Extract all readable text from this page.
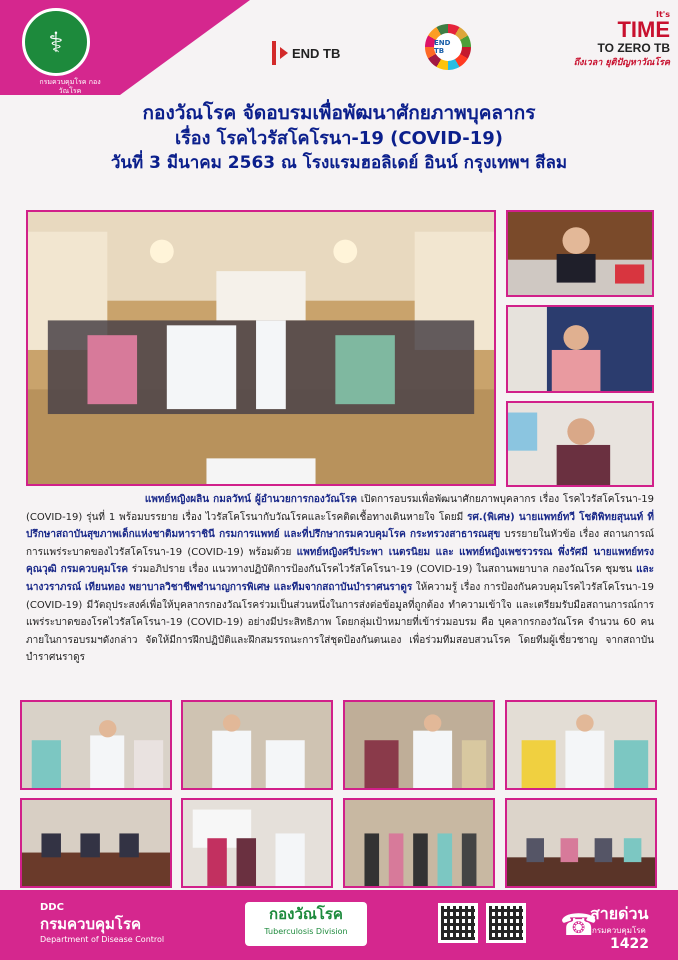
⚕
กรมควบคุมโรค กองวัณโรค
END TB
END TB
It's
TIME
TO ZERO TB
ถึงเวลา ยุติปัญหาวัณโรค
กองวัณโรค จัดอบรมเพื่อพัฒนาศักยภาพบุคลากร
เรื่อง โรคไวรัสโคโรนา-19 (COVID-19)
วันที่ 3 มีนาคม 2563 ณ โรงแรมฮอลิเดย์ อินน์ กรุงเทพฯ สีลม
แพทย์หญิงผลิน กมลวัทน์ ผู้อำนวยการกองวัณโรค เปิดการอบรมเพื่อพัฒนาศักยภาพบุคลากร เรื่อง โรคไวรัสโคโรนา-19 (COVID-19) รุ่นที่ 1 พร้อมบรรยาย เรื่อง ไวรัสโคโรนากับวัณโรคและโรคติดเชื้อทางเดินหายใจ โดยมี รศ.(พิเศษ) นายแพทย์ทวี โชติพิทยสุนนท์ ที่ปรึกษาสถาบันสุขภาพเด็กแห่งชาติมหาราชินี กรมการแพทย์ และที่ปรึกษากรมควบคุมโรค กระทรวงสาธารณสุข บรรยายในหัวข้อ เรื่อง สถานการณ์การแพร่ระบาดของไวรัสโคโรนา-19 (COVID-19) พร้อมด้วย แพทย์หญิงศรีประพา เนตรนิยม และ แพทย์หญิงเพชรวรรณ พึ่งรัศมี นายแพทย์ทรงคุณวุฒิ กรมควบคุมโรค ร่วมอภิปราย เรื่อง แนวทางปฏิบัติการป้องกันโรคไวรัสโคโรนา-19 (COVID-19) ในสถานพยาบาล กองวัณโรค ชุมชน และนางวราภรณ์ เทียนทอง พยาบาลวิชาชีพชำนาญการพิเศษ และทีมจากสถาบันบำราศนราดูร ให้ความรู้ เรื่อง การป้องกันควบคุมโรคไวรัสโคโรนา-19 (COVID-19) มีวัตถุประสงค์เพื่อให้บุคลากรกองวัณโรคร่วมเป็นส่วนหนึ่งในการส่งต่อข้อมูลที่ถูกต้อง ทำความเข้าใจ และเตรียมรับมือสถานการณ์การแพร่ระบาดของโรคไวรัสโคโรนา-19 (COVID-19) อย่างมีประสิทธิภาพ โดยกลุ่มเป้าหมายที่เข้าร่วมอบรม คือ บุคลากรกองวัณโรค จำนวน 60 คนภายในการอบรมฯดังกล่าว จัดให้มีการฝึกปฏิบัติและฝึกสมรรถนะการใส่ชุดป้องกันตนเอง เพื่อร่วมทีมสอบสวนโรค โดยทีมผู้เชี่ยวชาญ จากสถาบันบำราศนราดูร
DDC
กรมควบคุมโรค
Department of Disease Control
กองวัณโรค
Tuberculosis Division	☎
สายด่วน
กรมควบคุมโรค
1422
